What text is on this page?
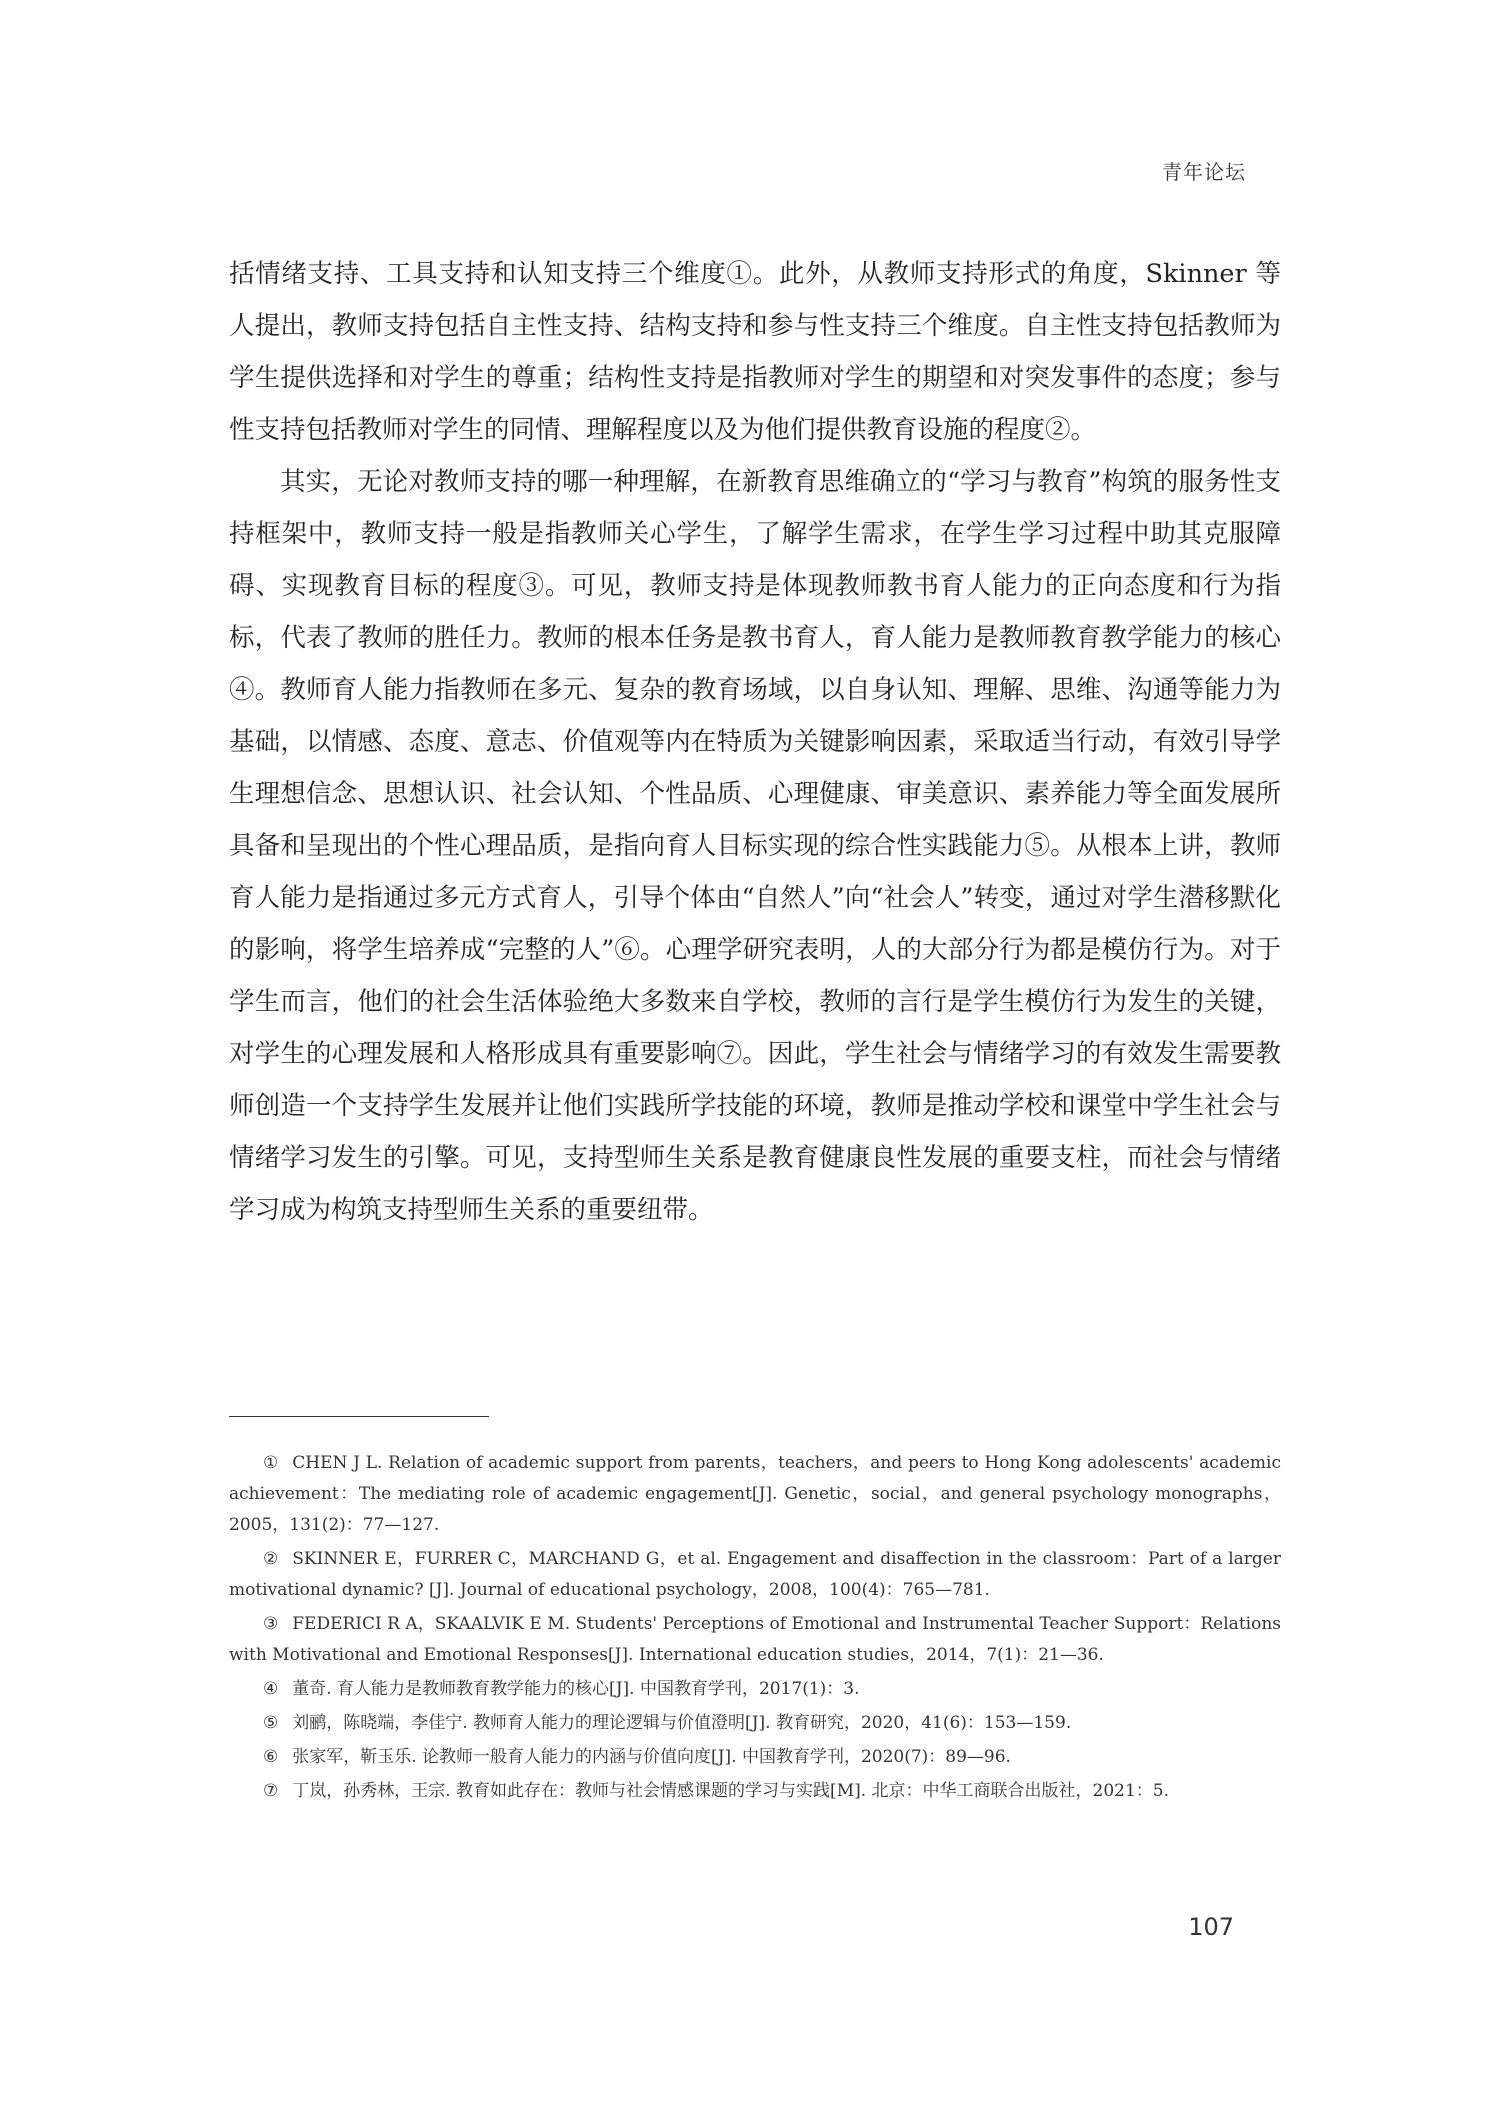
青年论坛

括情绪支持、工具支持和认知支持三个维度①。此外，从教师支持形式的角度，Skinner 等人提出，教师支持包括自主性支持、结构支持和参与性支持三个维度。自主性支持包括教师为学生提供选择和对学生的尊重；结构性支持是指教师对学生的期望和对突发事件的态度；参与性支持包括教师对学生的同情、理解程度以及为他们提供教育设施的程度②。

其实，无论对教师支持的哪一种理解，在新教育思维确立的“学习与教育”构筑的服务性支持框架中，教师支持一般是指教师关心学生，了解学生需求，在学生学习过程中助其克服障碍、实现教育目标的程度③。可见，教师支持是体现教师教书育人能力的正向态度和行为指标，代表了教师的胜任力。教师的根本任务是教书育人，育人能力是教师教育教学能力的核心④。教师育人能力指教师在多元、复杂的教育场域，以自身认知、理解、思维、沟通等能力为基础，以情感、态度、意志、价值观等内在特质为关键影响因素，采取适当行动，有效引导学生理想信念、思想认识、社会认知、个性品质、心理健康、审美意识、素养能力等全面发展所具备和呈现出的个性心理品质，是指向育人目标实现的综合性实践能力⑤。从根本上讲，教师育人能力是指通过多元方式育人，引导个体由“自然人”向“社会人”转变，通过对学生潜移默化的影响，将学生培养成“完整的人”⑥。心理学研究表明，人的大部分行为都是模仿行为。对于学生而言，他们的社会生活体验绝大多数来自学校，教师的言行是学生模仿行为发生的关键，对学生的心理发展和人格形成具有重要影响⑦。因此，学生社会与情绪学习的有效发生需要教师创造一个支持学生发展并让他们实践所学技能的环境，教师是推动学校和课堂中学生社会与情绪学习发生的引擎。可见，支持型师生关系是教育健康良性发展的重要支柱，而社会与情绪学习成为构筑支持型师生关系的重要纽带。

① CHEN J L. Relation of academic support from parents，teachers，and peers to Hong Kong adolescents' academic achievement：The mediating role of academic engagement[J]. Genetic，social，and general psychology monographs，2005，131(2)：77—127.

② SKINNER E，FURRER C，MARCHAND G，et al. Engagement and disaffection in the classroom：Part of a larger motivational dynamic? [J]. Journal of educational psychology，2008，100(4)：765—781.

③ FEDERICI R A，SKAALVIK E M. Students' Perceptions of Emotional and Instrumental Teacher Support：Relations with Motivational and Emotional Responses[J]. International education studies，2014，7(1)：21—36.

④ 董奇. 育人能力是教师教育教学能力的核心[J]. 中国教育学刊，2017(1)：3.

⑤ 刘鹂，陈晓端，李佳宁. 教师育人能力的理论逻辑与价值澄明[J]. 教育研究，2020，41(6)：153—159.

⑥ 张家军，靳玉乐. 论教师一般育人能力的内涵与价值向度[J]. 中国教育学刊，2020(7)：89—96.

⑦ 丁岚，孙秀林，王宗. 教育如此存在：教师与社会情感课题的学习与实践[M]. 北京：中华工商联合出版社，2021：5.

107
